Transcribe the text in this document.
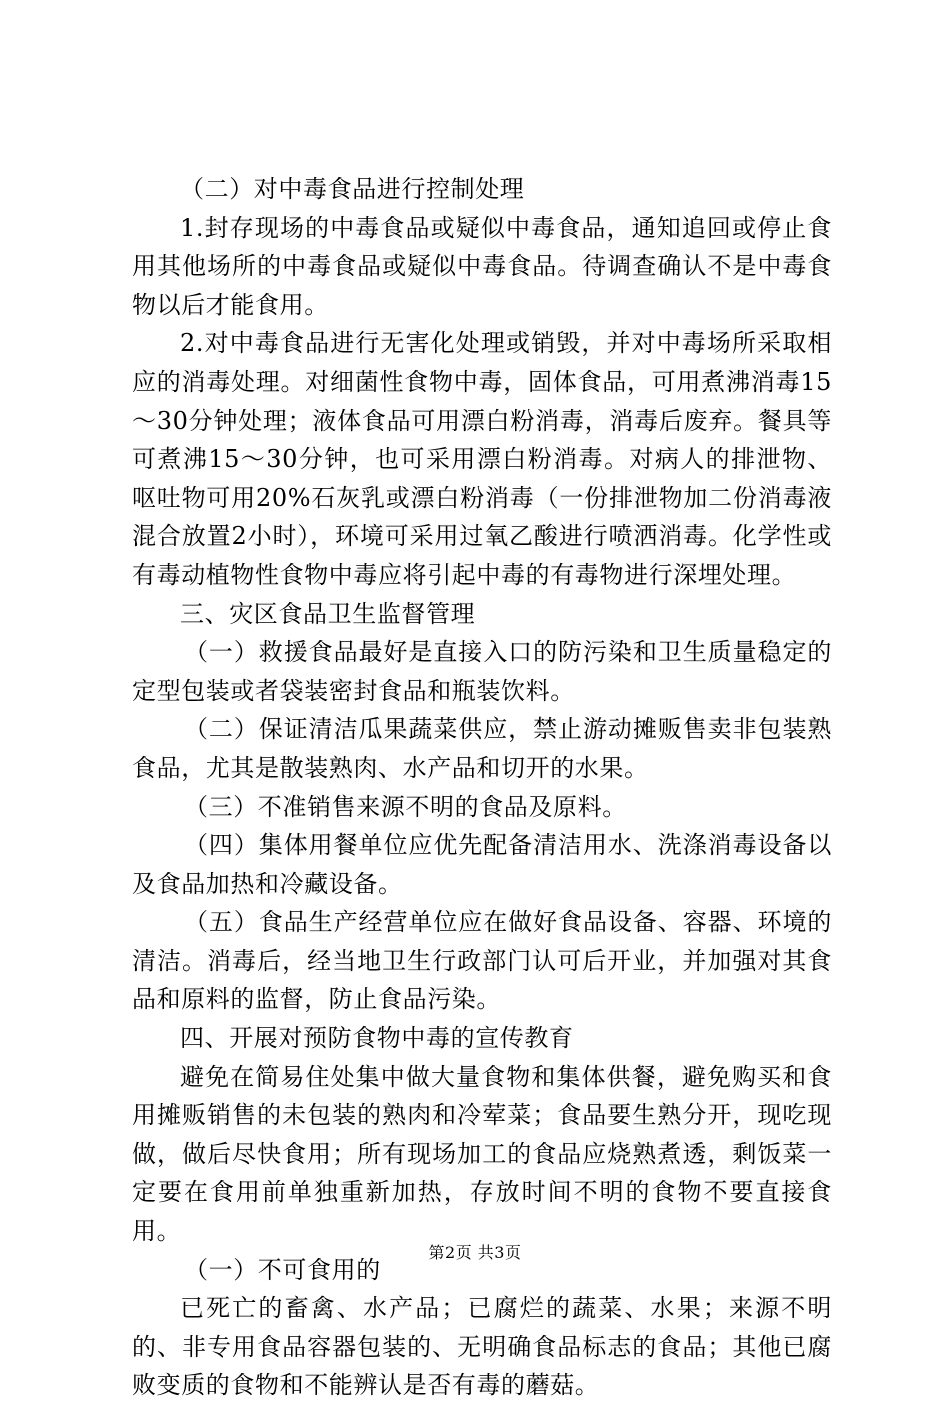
（二）对中毒食品进行控制处理

1.封存现场的中毒食品或疑似中毒食品，通知追回或停止食用其他场所的中毒食品或疑似中毒食品。待调查确认不是中毒食物以后才能食用。

2.对中毒食品进行无害化处理或销毁，并对中毒场所采取相应的消毒处理。对细菌性食物中毒，固体食品，可用煮沸消毒15～30分钟处理；液体食品可用漂白粉消毒，消毒后废弃。餐具等可煮沸15～30分钟，也可采用漂白粉消毒。对病人的排泄物、呕吐物可用20%石灰乳或漂白粉消毒（一份排泄物加二份消毒液混合放置2小时），环境可采用过氧乙酸进行喷洒消毒。化学性或有毒动植物性食物中毒应将引起中毒的有毒物进行深埋处理。

三、灾区食品卫生监督管理

（一）救援食品最好是直接入口的防污染和卫生质量稳定的定型包装或者袋装密封食品和瓶装饮料。

（二）保证清洁瓜果蔬菜供应，禁止游动摊贩售卖非包装熟食品，尤其是散装熟肉、水产品和切开的水果。

（三）不准销售来源不明的食品及原料。

（四）集体用餐单位应优先配备清洁用水、洗涤消毒设备以及食品加热和冷藏设备。

（五）食品生产经营单位应在做好食品设备、容器、环境的清洁。消毒后，经当地卫生行政部门认可后开业，并加强对其食品和原料的监督，防止食品污染。

四、开展对预防食物中毒的宣传教育

避免在简易住处集中做大量食物和集体供餐，避免购买和食用摊贩销售的未包装的熟肉和冷荤菜；食品要生熟分开，现吃现做，做后尽快食用；所有现场加工的食品应烧熟煮透，剩饭菜一定要在食用前单独重新加热，存放时间不明的食物不要直接食用。

（一）不可食用的

已死亡的畜禽、水产品；已腐烂的蔬菜、水果；来源不明的、非专用食品容器包装的、无明确食品标志的食品；其他已腐败变质的食物和不能辨认是否有毒的蘑菇。

第2页 共3页
